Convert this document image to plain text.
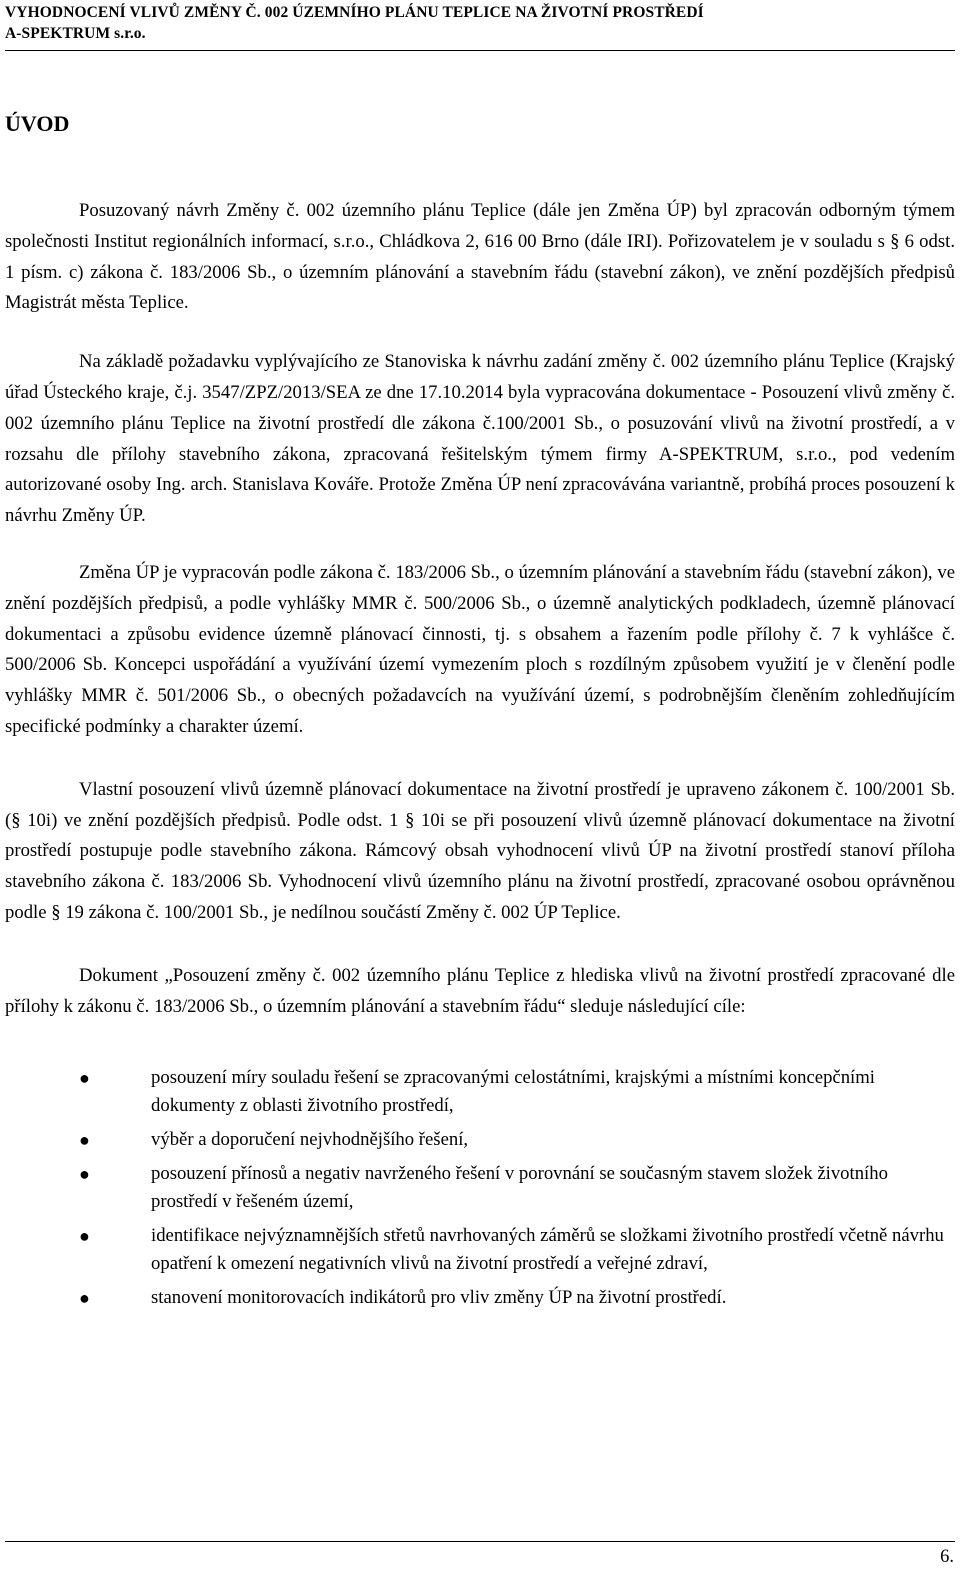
VYHODNOCENÍ VLIVŮ ZMĚNY Č. 002 ÚZEMNÍHO PLÁNU TEPLICE NA ŽIVOTNÍ PROSTŘEDÍ
A-SPEKTRUM s.r.o.
ÚVOD

Posuzovaný návrh Změny č. 002 územního plánu Teplice (dále jen Změna ÚP) byl zpracován odborným týmem společnosti Institut regionálních informací, s.r.o., Chládkova 2, 616 00 Brno (dále IRI). Pořizovatelem je v souladu s § 6 odst. 1 písm. c) zákona č. 183/2006 Sb., o územním plánování a stavebním řádu (stavební zákon), ve znění pozdějších předpisů Magistrát města Teplice.

Na základě požadavku vyplývajícího ze Stanoviska k návrhu zadání změny č. 002 územního plánu Teplice (Krajský úřad Ústeckého kraje, č.j. 3547/ZPZ/2013/SEA ze dne 17.10.2014 byla vypracována dokumentace - Posouzení vlivů změny č. 002 územního plánu Teplice na životní prostředí dle zákona č.100/2001 Sb., o posuzování vlivů na životní prostředí, a v rozsahu dle přílohy stavebního zákona, zpracovaná řešitelským týmem firmy A-SPEKTRUM, s.r.o., pod vedením autorizované osoby Ing. arch. Stanislava Kováře. Protože Změna ÚP není zpracovávána variantně, probíhá proces posouzení k návrhu Změny ÚP.

Změna ÚP je vypracován podle zákona č. 183/2006 Sb., o územním plánování a stavebním řádu (stavební zákon), ve znění pozdějších předpisů, a podle vyhlášky MMR č. 500/2006 Sb., o územně analytických podkladech, územně plánovací dokumentaci a způsobu evidence územně plánovací činnosti, tj. s obsahem a řazením podle přílohy č. 7 k vyhlášce č. 500/2006 Sb. Koncepci uspořádání a využívání území vymezením ploch s rozdílným způsobem využití je v členění podle vyhlášky MMR č. 501/2006 Sb., o obecných požadavcích na využívání území, s podrobnějším členěním zohledňujícím specifické podmínky a charakter území.

Vlastní posouzení vlivů územně plánovací dokumentace na životní prostředí je upraveno zákonem č. 100/2001 Sb. (§ 10i) ve znění pozdějších předpisů. Podle odst. 1 § 10i se při posouzení vlivů územně plánovací dokumentace na životní prostředí postupuje podle stavebního zákona. Rámcový obsah vyhodnocení vlivů ÚP na životní prostředí stanoví příloha stavebního zákona č. 183/2006 Sb. Vyhodnocení vlivů územního plánu na životní prostředí, zpracované osobou oprávněnou podle § 19 zákona č. 100/2001 Sb., je nedílnou součástí Změny č. 002 ÚP Teplice.

Dokument „Posouzení změny č. 002 územního plánu Teplice z hlediska vlivů na životní prostředí zpracované dle přílohy k zákonu č. 183/2006 Sb., o územním plánování a stavebním řádu“ sleduje následující cíle:

●	posouzení míry souladu řešení se zpracovanými celostátními, krajskými a místními koncepčními dokumenty z oblasti životního prostředí,
●	výběr a doporučení nejvhodnějšího řešení,
●	posouzení přínosů a negativ navrženého řešení v porovnání se současným stavem složek životního prostředí v řešeném území,
●	identifikace nejvýznamnějších střetů navrhovaných záměrů se složkami životního prostředí včetně návrhu opatření k omezení negativních vlivů na životní prostředí a veřejné zdraví,
●	stanovení monitorovacích indikátorů pro vliv změny ÚP na životní prostředí.
6.
